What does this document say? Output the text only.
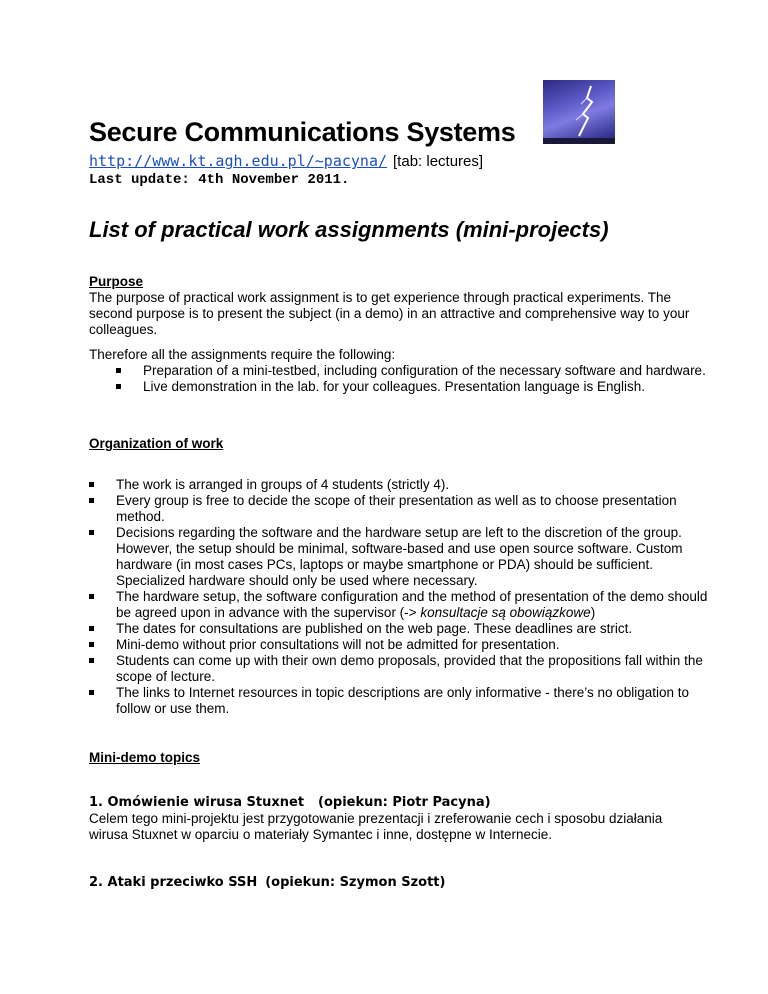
Secure Communications Systems
http://www.kt.agh.edu.pl/~pacyna/ [tab: lectures]
Last update: 4th November 2011.
List of practical work assignments (mini-projects)
Purpose
The purpose of practical work assignment is to get experience through practical experiments. The second purpose is to present the subject (in a demo) in an attractive and comprehensive way to your colleagues.
Therefore all the assignments require the following:
Preparation of a mini-testbed, including configuration of the necessary software and hardware.
Live demonstration in the lab. for your colleagues. Presentation language is English.
Organization of work
The work is arranged in groups of 4 students (strictly 4).
Every group is free to decide the scope of their presentation as well as to choose presentation method.
Decisions regarding the software and the hardware setup are left to the discretion of the group. However, the setup should be minimal, software-based and use open source software. Custom hardware (in most cases PCs, laptops or maybe smartphone or PDA) should be sufficient. Specialized hardware should only be used where necessary.
The hardware setup, the software configuration and the method of presentation of the demo should be agreed upon in advance with the supervisor (-> konsultacje są obowiązkowe)
The dates for consultations are published on the web page. These deadlines are strict.
Mini-demo without prior consultations will not be admitted for presentation.
Students can come up with their own demo proposals, provided that the propositions fall within the scope of lecture.
The links to Internet resources in topic descriptions are only informative - there’s no obligation to follow or use them.
Mini-demo topics
1. Omówienie wirusa Stuxnet (opiekun: Piotr Pacyna)
Celem tego mini-projektu jest przygotowanie prezentacji i zreferowanie cech i sposobu działania wirusa Stuxnet w oparciu o materiały Symantec i inne, dostępne w Internecie.
2. Ataki przeciwko SSH (opiekun: Szymon Szott)
